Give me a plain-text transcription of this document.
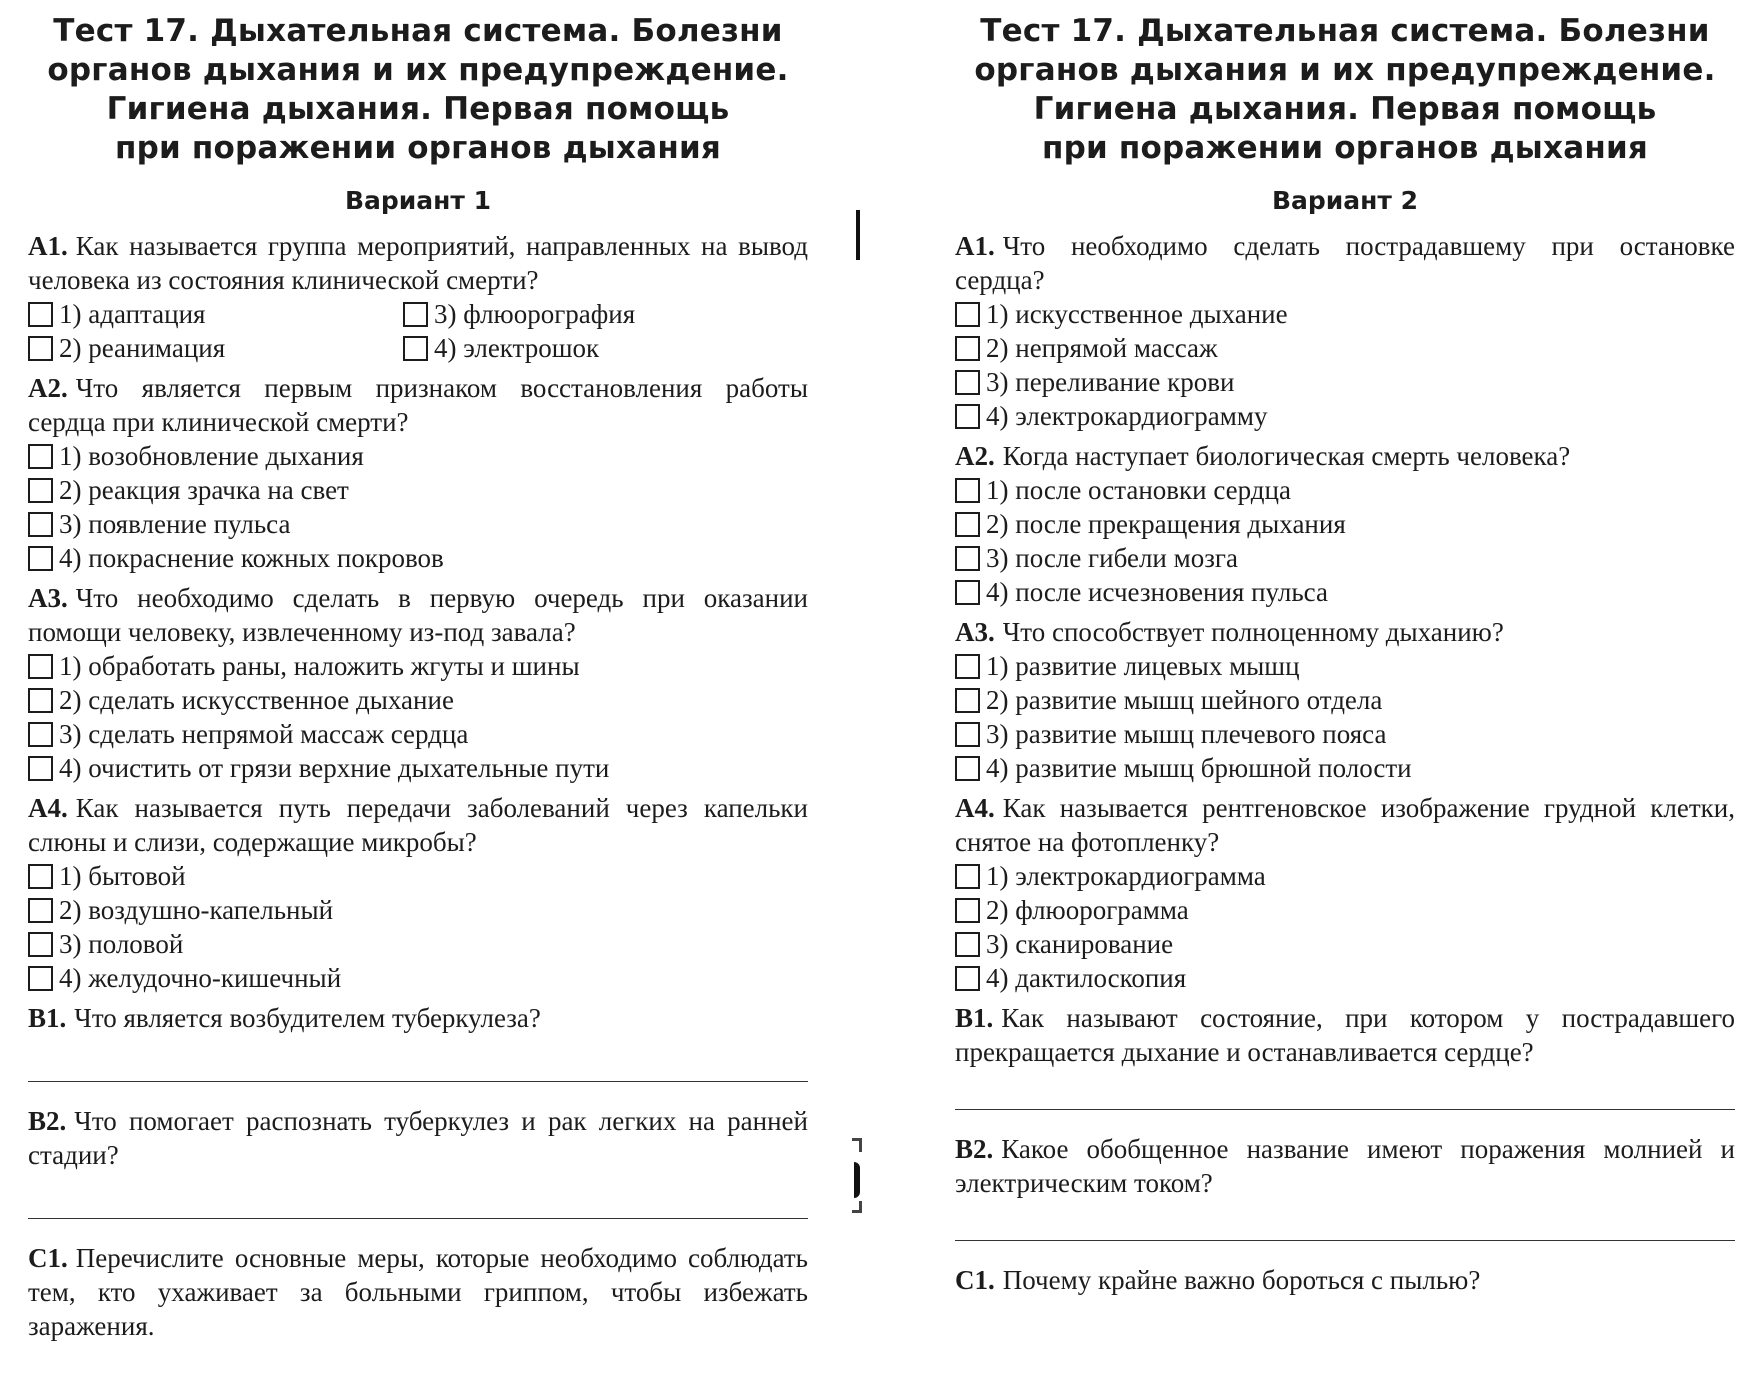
Тест 17. Дыхательная система. Болезни
органов дыхания и их предупреждение.
Гигиена дыхания. Первая помощь
при поражении органов дыхания
Вариант 1
A1. Как называется группа мероприятий, направленных на вывод человека из состояния клинической смерти?
1) адаптация	3) флюорография
2) реанимация	4) электрошок
A2. Что является первым признаком восстановления работы сердца при клинической смерти?
1) возобновление дыхания
2) реакция зрачка на свет
3) появление пульса
4) покраснение кожных покровов
A3. Что необходимо сделать в первую очередь при оказании помощи человеку, извлеченному из-под завала?
1) обработать раны, наложить жгуты и шины
2) сделать искусственное дыхание
3) сделать непрямой массаж сердца
4) очистить от грязи верхние дыхательные пути
A4. Как называется путь передачи заболеваний через капельки слюны и слизи, содержащие микробы?
1) бытовой
2) воздушно-капельный
3) половой
4) желудочно-кишечный
B1. Что является возбудителем туберкулеза?
B2. Что помогает распознать туберкулез и рак легких на ранней стадии?
C1. Перечислите основные меры, которые необходимо соблюдать тем, кто ухаживает за больными гриппом, чтобы избежать заражения.
Тест 17. Дыхательная система. Болезни
органов дыхания и их предупреждение.
Гигиена дыхания. Первая помощь
при поражении органов дыхания
Вариант 2
A1. Что необходимо сделать пострадавшему при остановке сердца?
1) искусственное дыхание
2) непрямой массаж
3) переливание крови
4) электрокардиограмму
A2. Когда наступает биологическая смерть человека?
1) после остановки сердца
2) после прекращения дыхания
3) после гибели мозга
4) после исчезновения пульса
A3. Что способствует полноценному дыханию?
1) развитие лицевых мышц
2) развитие мышц шейного отдела
3) развитие мышц плечевого пояса
4) развитие мышц брюшной полости
A4. Как называется рентгеновское изображение грудной клетки, снятое на фотопленку?
1) электрокардиограмма
2) флюорограмма
3) сканирование
4) дактилоскопия
B1. Как называют состояние, при котором у пострадавшего прекращается дыхание и останавливается сердце?
B2. Какое обобщенное название имеют поражения молнией и электрическим током?
C1. Почему крайне важно бороться с пылью?
